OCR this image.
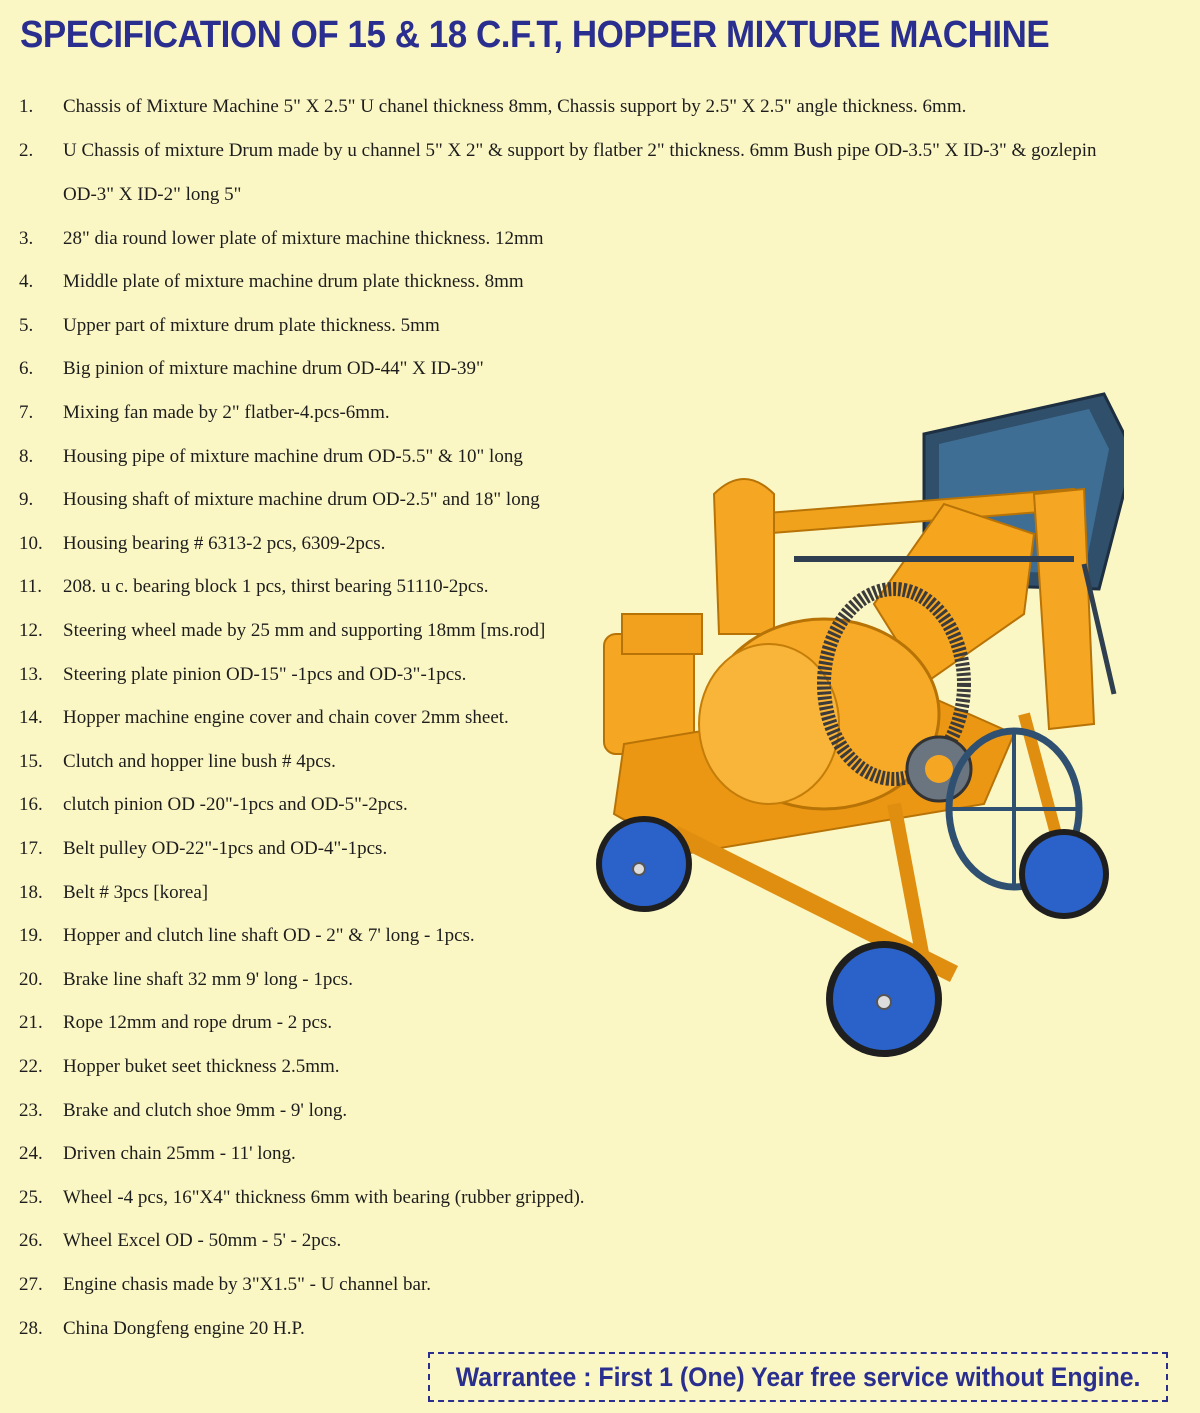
SPECIFICATION OF 15 & 18 C.F.T, HOPPER MIXTURE MACHINE
1.	Chassis of Mixture Machine 5" X 2.5" U chanel thickness 8mm, Chassis support by 2.5" X 2.5" angle thickness. 6mm.
2.	U Chassis of mixture Drum made by u channel 5" X 2" & support by flatber 2" thickness. 6mm Bush pipe OD-3.5" X ID-3" & gozlepin
OD-3" X ID-2" long 5"
3.	28" dia round lower plate of mixture machine thickness. 12mm
4.	Middle plate of mixture machine drum plate thickness. 8mm
5.	Upper part of mixture drum plate thickness. 5mm
6.	Big pinion of mixture machine drum OD-44" X ID-39"
7.	Mixing fan made by 2" flatber-4.pcs-6mm.
8.	Housing pipe of mixture machine drum OD-5.5" & 10" long
9.	Housing shaft of mixture machine drum OD-2.5" and 18" long
10.	Housing bearing # 6313-2 pcs, 6309-2pcs.
11.	208. u c. bearing block 1 pcs, thirst bearing 51110-2pcs.
12.	Steering wheel made by 25 mm and supporting 18mm [ms.rod]
13.	Steering plate pinion OD-15" -1pcs and OD-3"-1pcs.
14.	Hopper machine engine cover and chain cover 2mm sheet.
15.	Clutch and hopper line bush # 4pcs.
16.	clutch pinion OD -20"-1pcs and OD-5"-2pcs.
17.	Belt pulley OD-22"-1pcs and OD-4"-1pcs.
18.	Belt # 3pcs [korea]
19.	Hopper and clutch line shaft OD - 2" & 7' long - 1pcs.
20.	Brake line shaft 32 mm 9' long - 1pcs.
21.	Rope 12mm and rope drum - 2 pcs.
22.	Hopper buket seet thickness 2.5mm.
23.	Brake and clutch shoe 9mm - 9' long.
24.	Driven chain 25mm - 11' long.
25.	Wheel -4 pcs, 16"X4" thickness 6mm with bearing (rubber gripped).
26.	Wheel Excel OD - 50mm - 5' - 2pcs.
27.	Engine chasis made by 3"X1.5" - U channel bar.
28.	China Dongfeng engine 20 H.P.
Warrantee : First 1 (One) Year free service without Engine.
